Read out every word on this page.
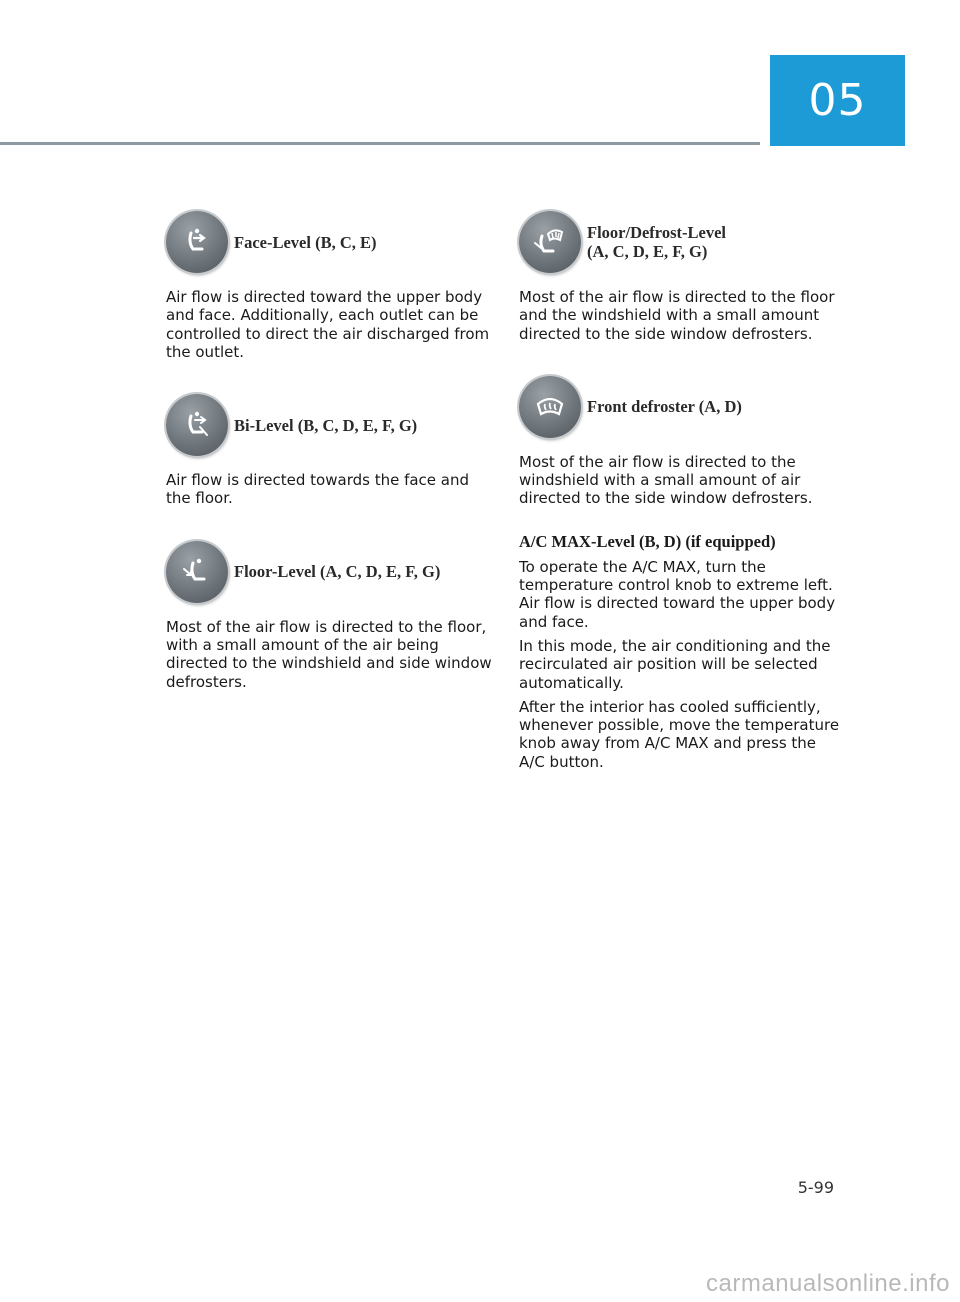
05
Face-Level (B, C, E)

Air flow is directed toward the upper body and face. Additionally, each outlet can be controlled to direct the air discharged from the outlet.

Bi-Level (B, C, D, E, F, G)

Air flow is directed towards the face and the floor.

Floor-Level (A, C, D, E, F, G)

Most of the air flow is directed to the floor, with a small amount of the air being directed to the windshield and side window defrosters.

Floor/Defrost-Level
(A, C, D, E, F, G)

Most of the air flow is directed to the floor and the windshield with a small amount directed to the side window defrosters.

Front defroster (A, D)

Most of the air flow is directed to the windshield with a small amount of air directed to the side window defrosters.

A/C MAX-Level (B, D) (if equipped)

To operate the A/C MAX, turn the temperature control knob to extreme left. Air flow is directed toward the upper body and face.

In this mode, the air conditioning and the recirculated air position will be selected automatically.

After the interior has cooled sufficiently, whenever possible, move the temperature knob away from A/C MAX and press the A/C button.

5-99
carmanualsonline.info
